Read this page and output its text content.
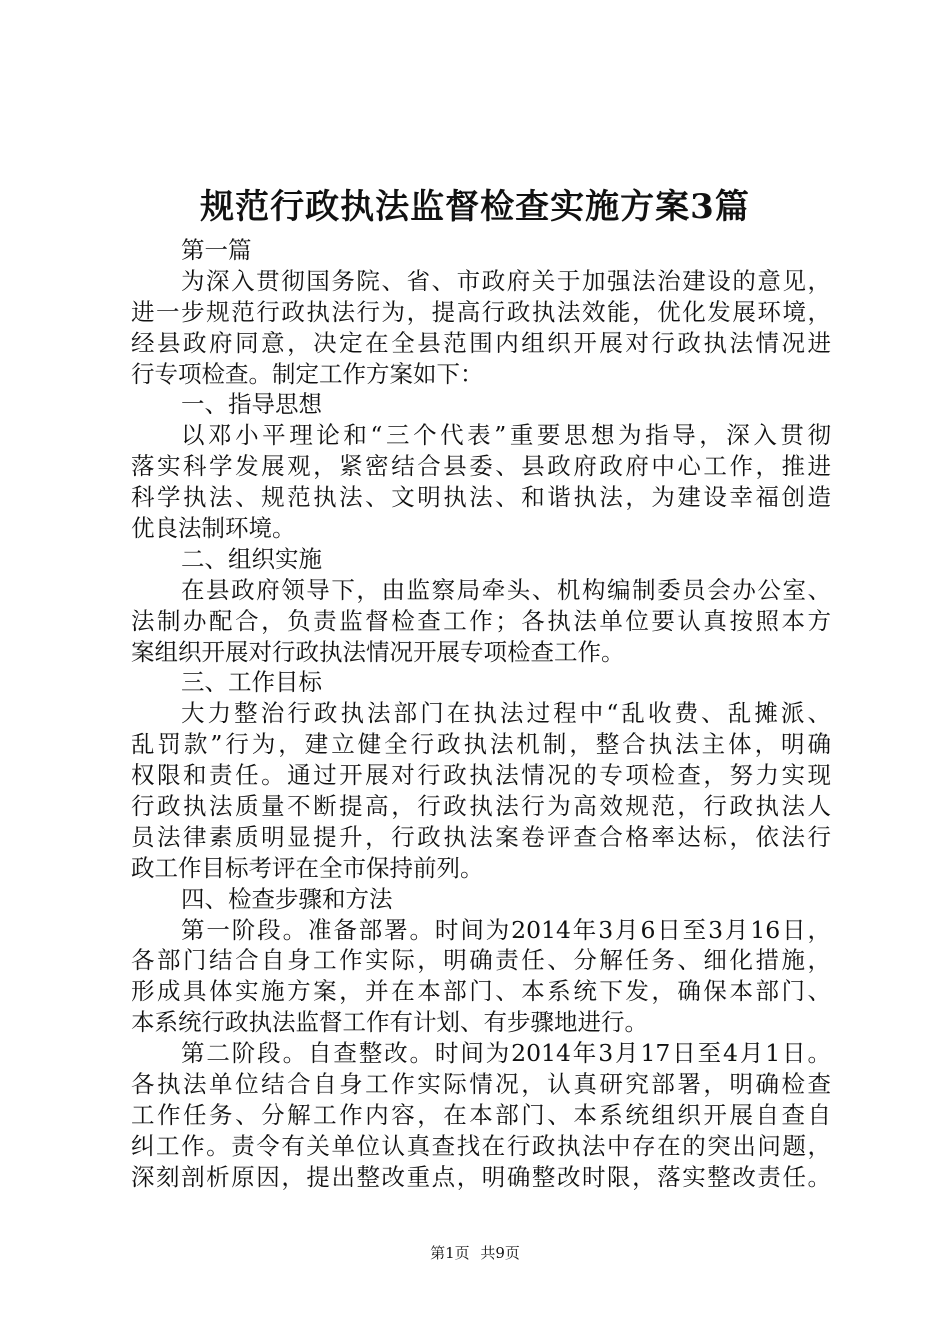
规范行政执法监督检查实施方案3篇
第一篇
为深入贯彻国务院、省、市政府关于加强法治建设的意见，
进一步规范行政执法行为，提高行政执法效能，优化发展环境，
经县政府同意，决定在全县范围内组织开展对行政执法情况进
行专项检查。制定工作方案如下：
一、指导思想
以邓小平理论和“三个代表”重要思想为指导，深入贯彻
落实科学发展观，紧密结合县委、县政府政府中心工作，推进
科学执法、规范执法、文明执法、和谐执法，为建设幸福创造
优良法制环境。
二、组织实施
在县政府领导下，由监察局牵头、机构编制委员会办公室、
法制办配合，负责监督检查工作；各执法单位要认真按照本方
案组织开展对行政执法情况开展专项检查工作。
三、工作目标
大力整治行政执法部门在执法过程中“乱收费、乱摊派、
乱罚款”行为，建立健全行政执法机制，整合执法主体，明确
权限和责任。通过开展对行政执法情况的专项检查，努力实现
行政执法质量不断提高，行政执法行为高效规范，行政执法人
员法律素质明显提升，行政执法案卷评查合格率达标，依法行
政工作目标考评在全市保持前列。
四、检查步骤和方法
第一阶段。准备部署。时间为2014年3月6日至3月16日，
各部门结合自身工作实际，明确责任、分解任务、细化措施，
形成具体实施方案，并在本部门、本系统下发，确保本部门、
本系统行政执法监督工作有计划、有步骤地进行。
第二阶段。自查整改。时间为2014年3月17日至4月1日。
各执法单位结合自身工作实际情况，认真研究部署，明确检查
工作任务、分解工作内容，在本部门、本系统组织开展自查自
纠工作。责令有关单位认真查找在行政执法中存在的突出问题，
深刻剖析原因，提出整改重点，明确整改时限，落实整改责任。
第1页 共9页
